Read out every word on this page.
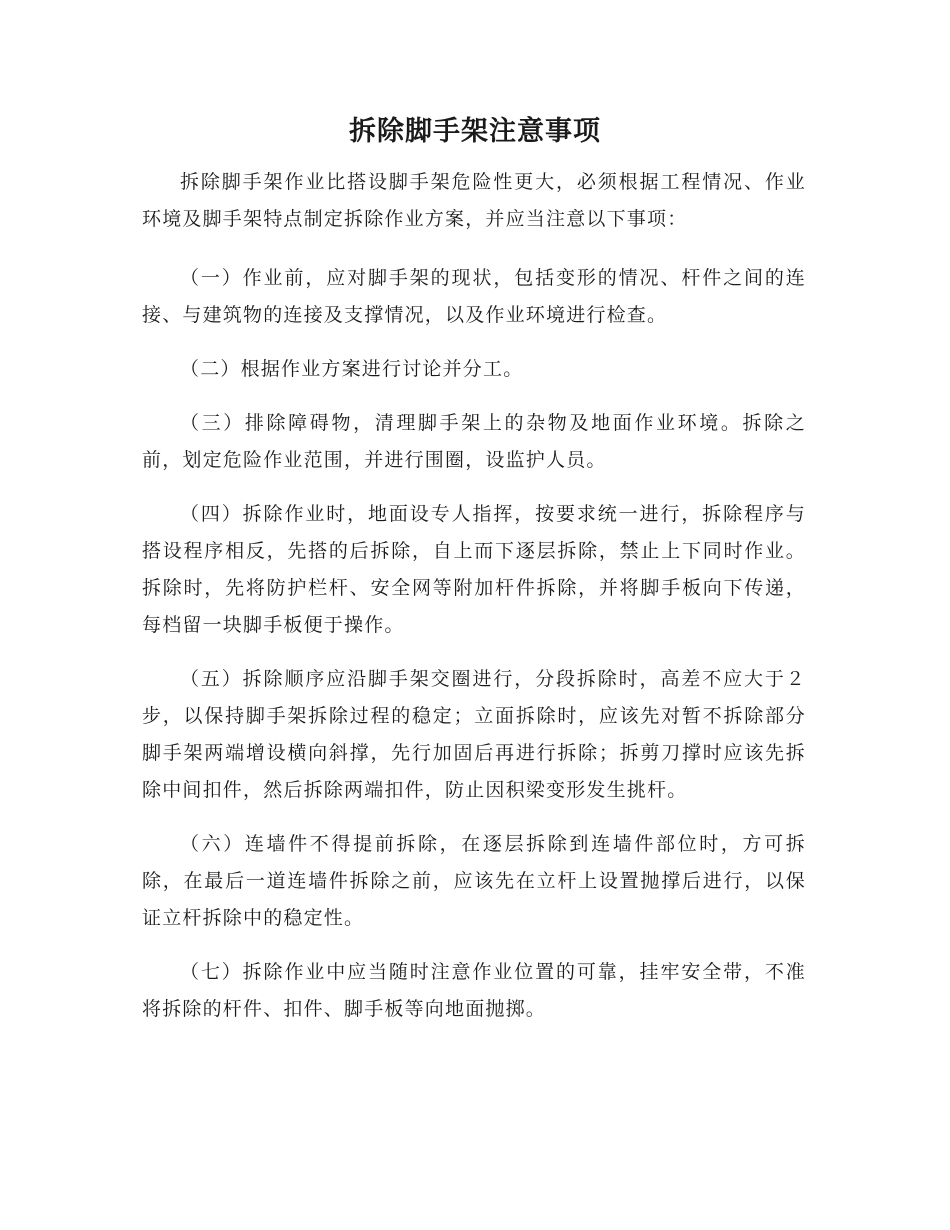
拆除脚手架注意事项

拆除脚手架作业比搭设脚手架危险性更大，必须根据工程情况、作业环境及脚手架特点制定拆除作业方案，并应当注意以下事项：

（一）作业前，应对脚手架的现状，包括变形的情况、杆件之间的连接、与建筑物的连接及支撑情况，以及作业环境进行检查。

（二）根据作业方案进行讨论并分工。

（三）排除障碍物，清理脚手架上的杂物及地面作业环境。拆除之前，划定危险作业范围，并进行围圈，设监护人员。

（四）拆除作业时，地面设专人指挥，按要求统一进行，拆除程序与搭设程序相反，先搭的后拆除，自上而下逐层拆除，禁止上下同时作业。拆除时，先将防护栏杆、安全网等附加杆件拆除，并将脚手板向下传递，每档留一块脚手板便于操作。

（五）拆除顺序应沿脚手架交圈进行，分段拆除时，高差不应大于２步，以保持脚手架拆除过程的稳定；立面拆除时，应该先对暂不拆除部分脚手架两端增设横向斜撑，先行加固后再进行拆除；拆剪刀撑时应该先拆除中间扣件，然后拆除两端扣件，防止因积梁变形发生挑杆。

（六）连墙件不得提前拆除，在逐层拆除到连墙件部位时，方可拆除，在最后一道连墙件拆除之前，应该先在立杆上设置抛撑后进行，以保证立杆拆除中的稳定性。

（七）拆除作业中应当随时注意作业位置的可靠，挂牢安全带，不准将拆除的杆件、扣件、脚手板等向地面抛掷。
